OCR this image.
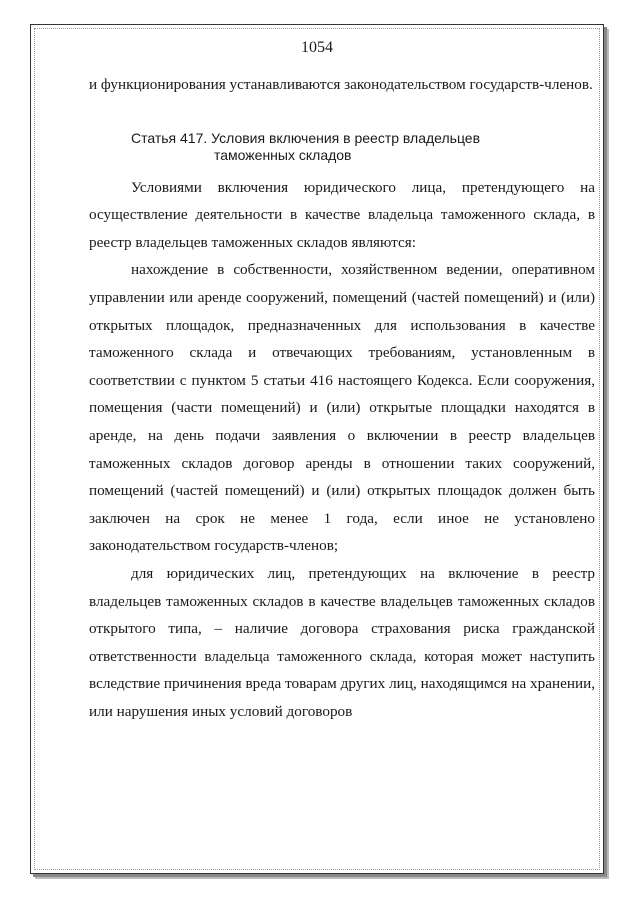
1054

и функционирования устанавливаются законодательством государств-членов.

Статья 417. Условия включения в реестр владельцев
таможенных складов

Условиями включения юридического лица, претендующего на осуществление деятельности в качестве владельца таможенного склада, в реестр владельцев таможенных складов являются:

нахождение в собственности, хозяйственном ведении, оперативном управлении или аренде сооружений, помещений (частей помещений) и (или) открытых площадок, предназначенных для использования в качестве таможенного склада и отвечающих требованиям, установленным в соответствии с пунктом 5 статьи 416 настоящего Кодекса. Если сооружения, помещения (части помещений) и (или) открытые площадки находятся в аренде, на день подачи заявления о включении в реестр владельцев таможенных складов договор аренды в отношении таких сооружений, помещений (частей помещений) и (или) открытых площадок должен быть заключен на срок не менее 1 года, если иное не установлено законодательством государств-членов;

для юридических лиц, претендующих на включение в реестр владельцев таможенных складов в качестве владельцев таможенных складов открытого типа, – наличие договора страхования риска гражданской ответственности владельца таможенного склада, которая может наступить вследствие причинения вреда товарам других лиц, находящимся на хранении, или нарушения иных условий договоров
